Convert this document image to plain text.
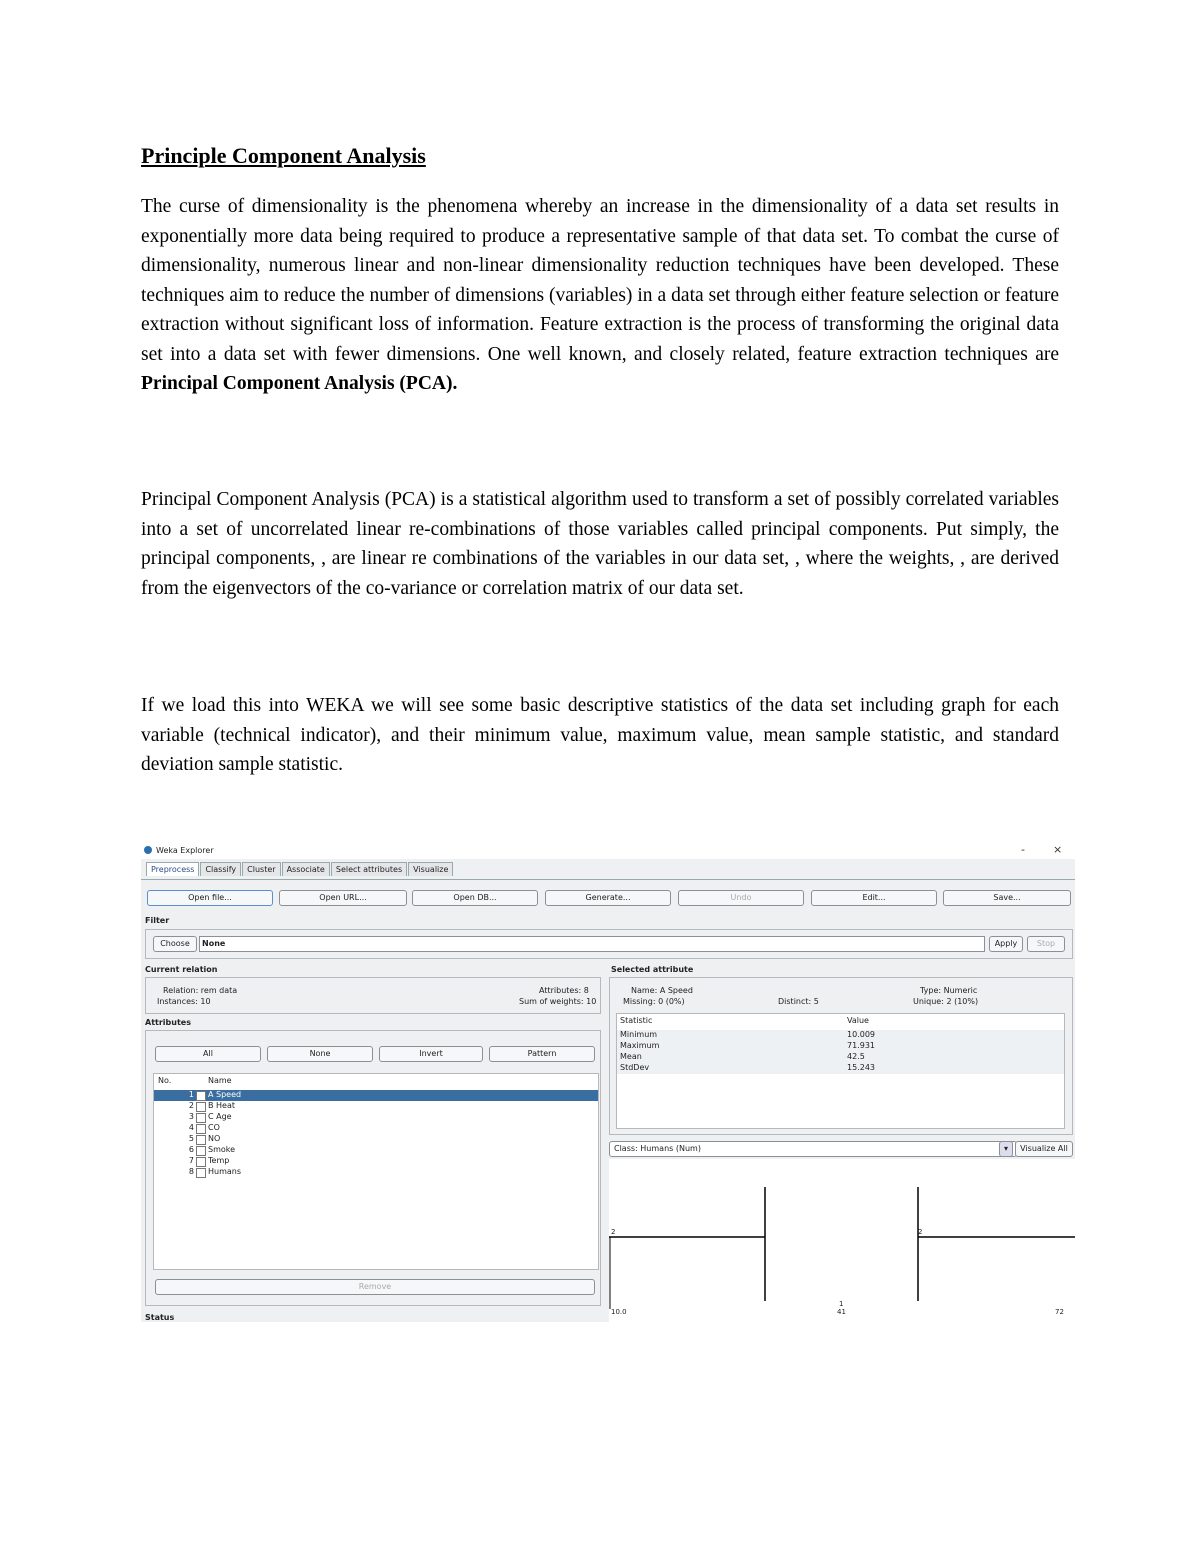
Principle Component Analysis

The curse of dimensionality is the phenomena whereby an increase in the dimensionality of a data set results in exponentially more data being required to produce a representative sample of that data set. To combat the curse of dimensionality, numerous linear and non-linear dimensionality reduction techniques have been developed. These techniques aim to reduce the number of dimensions (variables) in a data set through either feature selection or feature extraction without significant loss of information. Feature extraction is the process of transforming the original data set into a data set with fewer dimensions. One well known, and closely related, feature extraction techniques are Principal Component Analysis (PCA).

Principal Component Analysis (PCA) is a statistical algorithm used to transform a set of possibly correlated variables into a set of uncorrelated linear re-combinations of those variables called principal components. Put simply, the principal components, , are linear re combinations of the variables in our data set, , where the weights, , are derived from the eigenvectors of the co-variance or correlation matrix of our data set.

If we load this into WEKA we will see some basic descriptive statistics of the data set including graph for each variable (technical indicator), and their minimum value, maximum value, mean sample statistic, and standard deviation sample statistic.

Weka Explorer	-	×
Preprocess Classify Cluster Associate Select attributes Visualize
Open file...	Open URL...	Open DB...	Generate...	Undo	Edit...	Save...
Filter
Choose	None	Apply	Stop
Current relation
Relation: rem data
Instances: 10
Attributes: 8
Sum of weights: 10
Attributes
All	None	Invert	Pattern
No.	Name
1 A Speed
2 B Heat
3 C Age
4 CO
5 NO
6 Smoke
7 Temp
8 Humans
Remove
Selected attribute
Name: A Speed	Type: Numeric
Missing: 0 (0%)	Distinct: 5	Unique: 2 (10%)
Statistic	Value
Minimum	10.009
Maximum	71.931
Mean	42.5
StdDev	15.243
Class: Humans (Num)	▾	Visualize All
2	2
1
10.0	41	72
Status
